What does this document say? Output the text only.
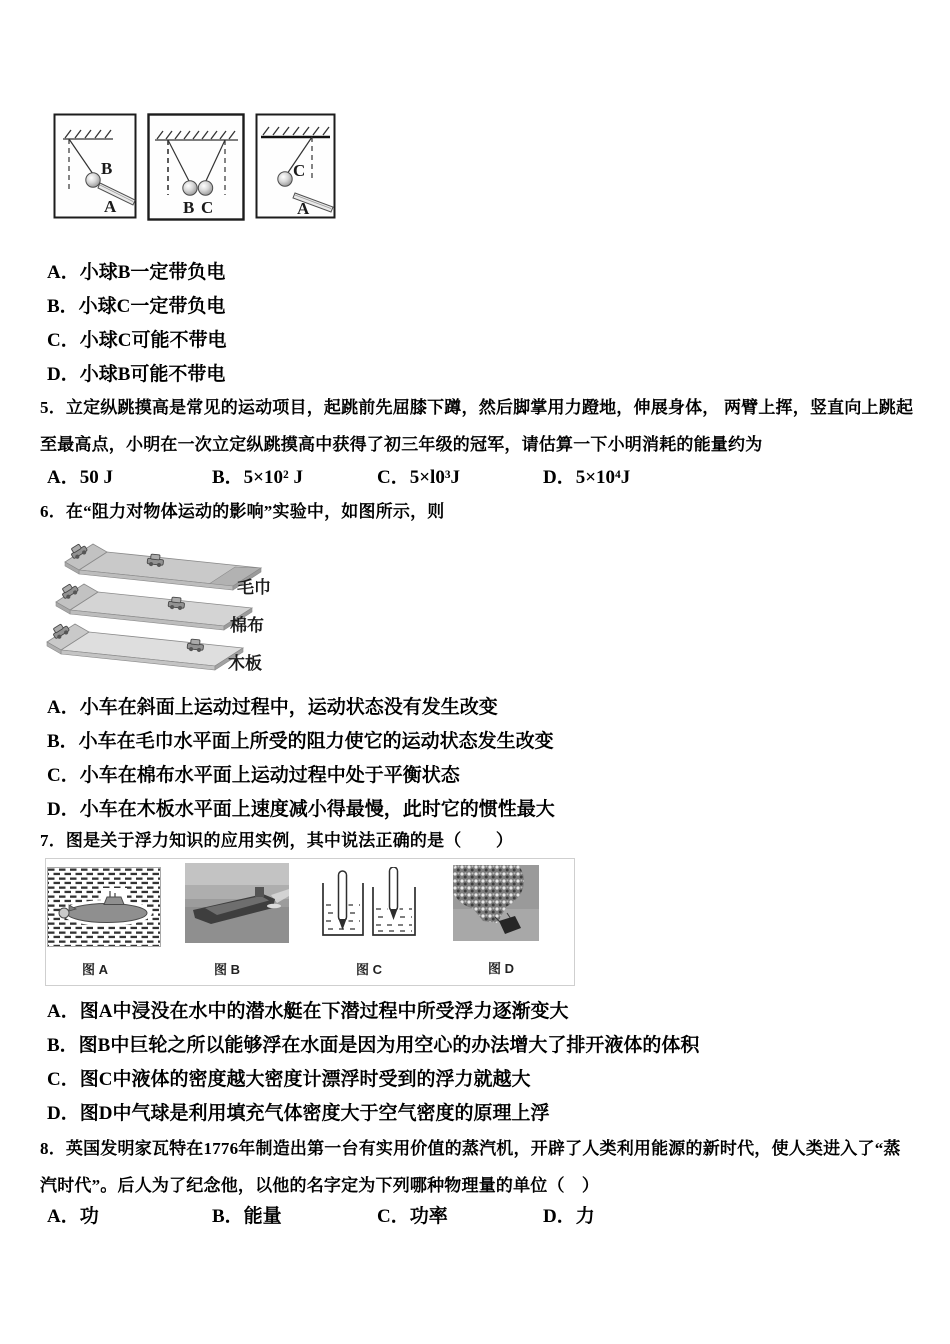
B
A	B C
C
A
A．小球B一定带负电
B．小球C一定带负电
C．小球C可能不带电
D．小球B可能不带电
5．立定纵跳摸高是常见的运动项目，起跳前先屈膝下蹲，然后脚掌用力蹬地，伸展身体， 两臂上挥，竖直向上跳起
至最高点，小明在一次立定纵跳摸高中获得了初三年级的冠军，请估算一下小明消耗的能量约为
A．50 J	B．5×10² J	C．5×l0³J	D．5×10⁴J
6．在“阻力对物体运动的影响”实验中，如图所示，则
毛巾
棉布
木板
A．小车在斜面上运动过程中，运动状态没有发生改变
B．小车在毛巾水平面上所受的阻力使它的运动状态发生改变
C．小车在棉布水平面上运动过程中处于平衡状态
D．小车在木板水平面上速度减小得最慢，此时它的惯性最大
7．图是关于浮力知识的应用实例，其中说法正确的是（　　）
图 A	图 B	图 C	图 D
A．图A中浸没在水中的潜水艇在下潜过程中所受浮力逐渐变大
B．图B中巨轮之所以能够浮在水面是因为用空心的办法增大了排开液体的体积
C．图C中液体的密度越大密度计漂浮时受到的浮力就越大
D．图D中气球是利用填充气体密度大于空气密度的原理上浮
8．英国发明家瓦特在1776年制造出第一台有实用价值的蒸汽机，开辟了人类利用能源的新时代，使人类进入了“蒸
汽时代”。后人为了纪念他，以他的名字定为下列哪种物理量的单位（　）
A．功	B．能量	C．功率	D．力
